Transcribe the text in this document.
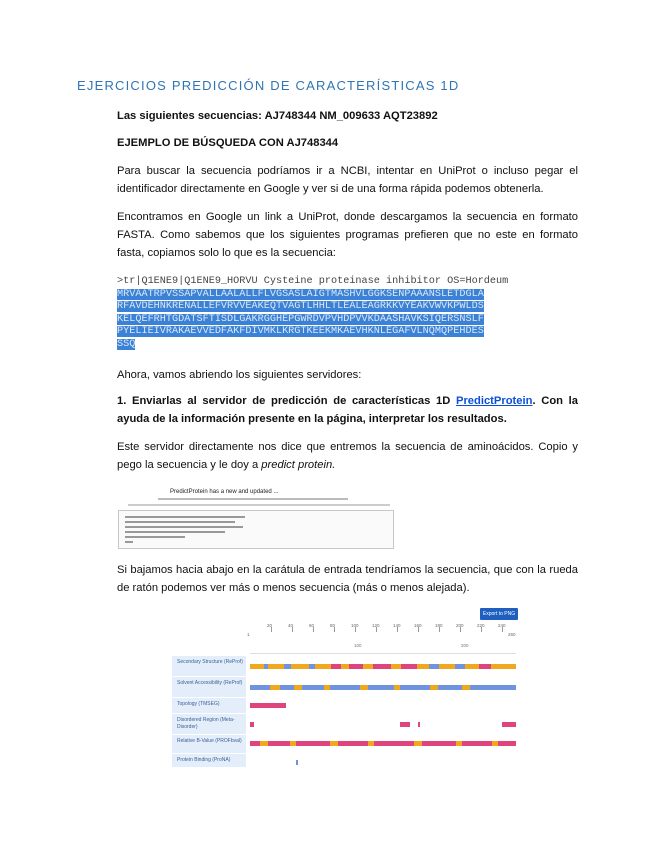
EJERCICIOS PREDICCIÓN DE CARACTERÍSTICAS 1D
Las siguientes secuencias: AJ748344 NM_009633 AQT23892
EJEMPLO DE BÚSQUEDA CON AJ748344
Para buscar la secuencia podríamos ir a NCBI, intentar en UniProt o incluso pegar el identificador directamente en Google y ver si de una forma rápida podemos obtenerla.
Encontramos en Google un link a UniProt, donde descargamos la secuencia en formato FASTA. Como sabemos que los siguientes programas prefieren que no este en formato fasta, copiamos solo lo que es la secuencia:
>tr|Q1ENE9|Q1ENE9_HORVU Cysteine proteinase inhibitor OS=Hordeum
MRVAATRPVSSAPVALLAALALLFLVGSASLAIGTMASHVLGGKSENPAAANSLETDGLA
RFAVDEHNKRENALLEFVRVVEAKEQTVAGTLHHLTLEALEAGRKKVYEAKVWVKPWLDS
KELQEFRHTGDATSFTISDLGAKRGGHEPGWRDVPVHDPVVKDAASHAVKSIQERSNSLF
PYELIEIVRAKAEVVEDFAKFDIVMKLKRGTKEEKMKAEVHKNLEGAFVLNQMQPEHDES
SSQ
Ahora, vamos abriendo los siguientes servidores:
1. Enviarlas al servidor de predicción de características 1D PredictProtein. Con la ayuda de la información presente en la página, interpretar los resultados.
Este servidor directamente nos dice que entremos la secuencia de aminoácidos. Copio y pego la secuencia y le doy a predict protein.
PredictProtein has a new and updated ...
Si bajamos hacia abajo en la carátula de entrada tendríamos la secuencia, que con la rueda de ratón podemos ver más o menos secuencia (más o menos alejada).
Export to PNG
1	260
100	200
20	40	60	80	100	120	140	160	180	200	220	240
Secondary Structure (ReProf)
Solvent Accessibility (ReProf)
Topology (TMSEG)
Disordered Region (Meta-Disorder)
Relative B-Value (PROFbval)
Protein Binding (ProNA)
